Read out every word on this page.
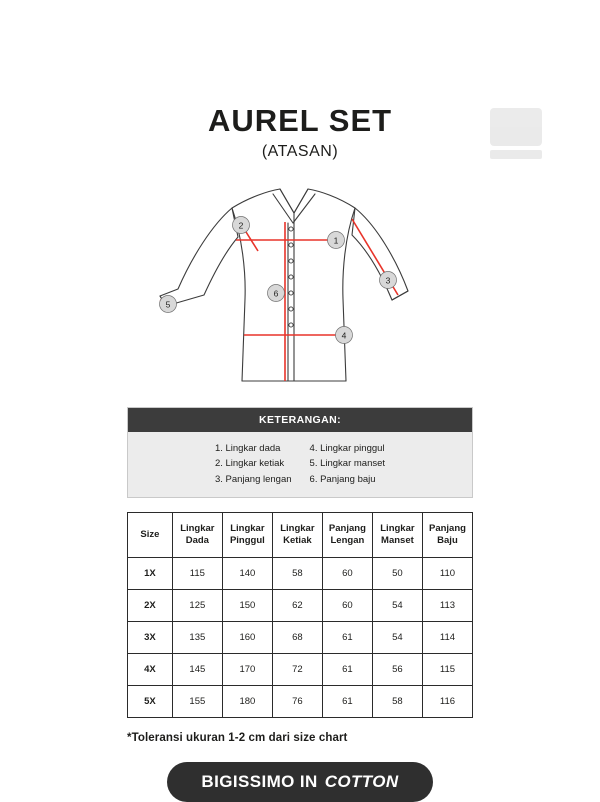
AUREL SET
(ATASAN)
1
2
3
4
5
6
KETERANGAN:
1. Lingkar dada
2. Lingkar ketiak
3. Panjang lengan
4. Lingkar pinggul
5. Lingkar manset
6. Panjang baju
Size	Lingkar Dada	Lingkar Pinggul	Lingkar Ketiak	Panjang Lengan	Lingkar Manset	Panjang Baju
1X	115	140	58	60	50	110
2X	125	150	62	60	54	113
3X	135	160	68	61	54	114
4X	145	170	72	61	56	115
5X	155	180	76	61	58	116
*Toleransi ukuran 1-2 cm dari size chart
BIGISSIMO IN COTTON
